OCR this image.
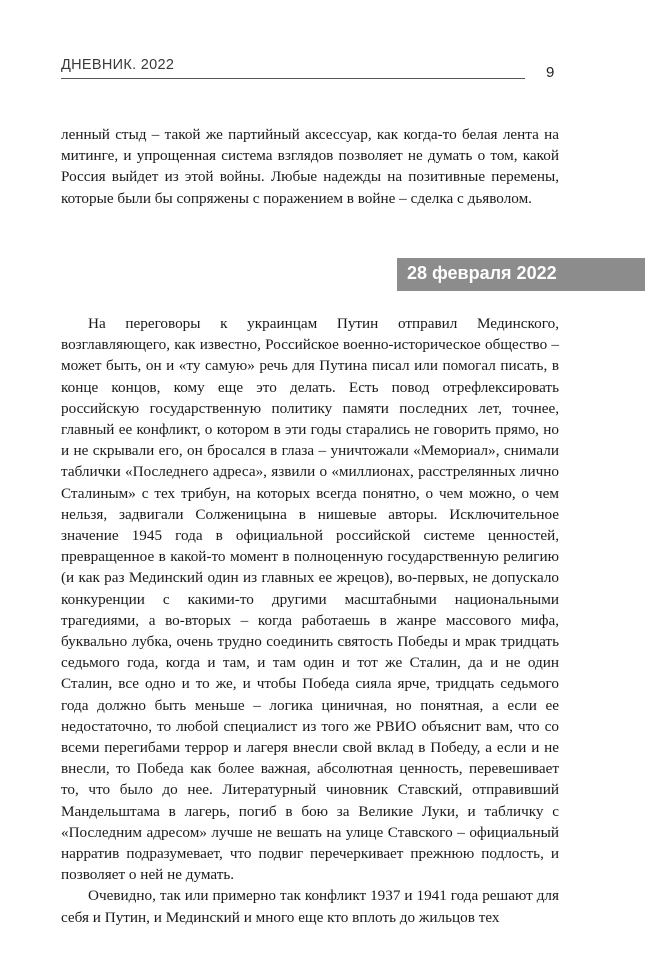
ДНЕВНИК. 2022	9

ленный стыд – такой же партийный аксессуар, как когда-то белая лента на митинге, и упрощенная система взглядов позволяет не думать о том, какой Россия выйдет из этой войны. Любые надежды на позитивные перемены, которые были бы сопряжены с поражением в войне – сделка с дьяволом.

28 февраля 2022

На переговоры к украинцам Путин отправил Мединского, возглавляющего, как известно, Российское военно-историческое общество – может быть, он и «ту самую» речь для Путина писал или помогал писать, в конце концов, кому еще это делать. Есть повод отрефлексировать российскую государственную политику памяти последних лет, точнее, главный ее конфликт, о котором в эти годы старались не говорить прямо, но и не скрывали его, он бросался в глаза – уничтожали «Мемориал», снимали таблички «Последнего адреса», язвили о «миллионах, расстрелянных лично Сталиным» с тех трибун, на которых всегда понятно, о чем можно, о чем нельзя, задвигали Солженицына в нишевые авторы. Исключительное значение 1945 года в официальной российской системе ценностей, превращенное в какой-то момент в полноценную государственную религию (и как раз Мединский один из главных ее жрецов), во-первых, не допускало конкуренции с какими-то другими масштабными национальными трагедиями, а во-вторых – когда работаешь в жанре массового мифа, буквально лубка, очень трудно соединить святость Победы и мрак тридцать седьмого года, когда и там, и там один и тот же Сталин, да и не один Сталин, все одно и то же, и чтобы Победа сияла ярче, тридцать седьмого года должно быть меньше – логика циничная, но понятная, а если ее недостаточно, то любой специалист из того же РВИО объяснит вам, что со всеми перегибами террор и лагеря внесли свой вклад в Победу, а если и не внесли, то Победа как более важная, абсолютная ценность, перевешивает то, что было до нее. Литературный чиновник Ставский, отправивший Мандельштама в лагерь, погиб в бою за Великие Луки, и табличку с «Последним адресом» лучше не вешать на улице Ставского – официальный нарратив подразумевает, что подвиг перечеркивает прежнюю подлость, и позволяет о ней не думать.

Очевидно, так или примерно так конфликт 1937 и 1941 года решают для себя и Путин, и Мединский и много еще кто вплоть до жильцов тех
